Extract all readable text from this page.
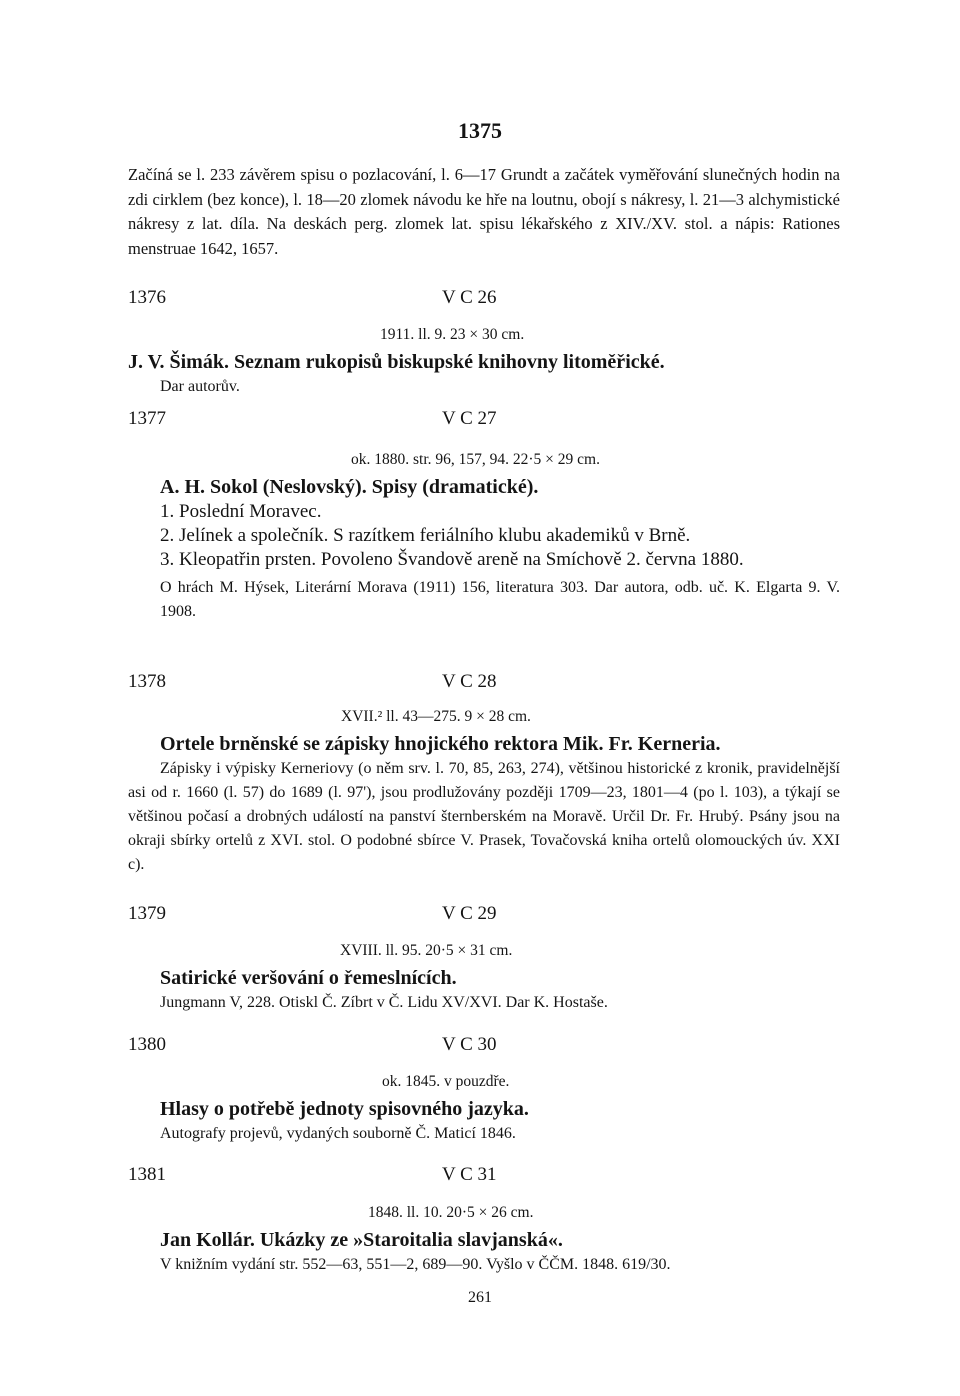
1375
Začíná se l. 233 závěrem spisu o pozlacování, l. 6—17 Grundt a začátek vyměřování slunečných hodin na zdi cirklem (bez konce), l. 18—20 zlomek návodu ke hře na loutnu, obojí s nákresy, l. 21—3 alchymistické nákresy z lat. díla. Na deskách perg. zlomek lat. spisu lékařského z XIV./XV. stol. a nápis: Rationes menstruae 1642, 1657.
1376	V C 26
1911. ll. 9. 23 × 30 cm.
J. V. Šimák. Seznam rukopisů biskupské knihovny litoměřické.
Dar autorův.
1377	V C 27
ok. 1880. str. 96, 157, 94. 22·5 × 29 cm.
A. H. Sokol (Neslovský). Spisy (dramatické).
1. Poslední Moravec.
2. Jelínek a společník. S razítkem feriálního klubu akademiků v Brně.
3. Kleopatřin prsten. Povoleno Švandově areně na Smíchově 2. června 1880.
O hrách M. Hýsek, Literární Morava (1911) 156, literatura 303. Dar autora, odb. uč. K. Elgarta 9. V. 1908.
1378	V C 28
XVII.² ll. 43—275. 9 × 28 cm.
Ortele brněnské se zápisky hnojického rektora Mik. Fr. Kerneria.
Zápisky i výpisky Kerneriovy (o něm srv. l. 70, 85, 263, 274), většinou historické z kronik, pravidelnější asi od r. 1660 (l. 57) do 1689 (l. 97'), jsou prodlužovány později 1709—23, 1801—4 (po l. 103), a týkají se většinou počasí a drobných událostí na panství šternberském na Moravě. Určil Dr. Fr. Hrubý. Psány jsou na okraji sbírky ortelů z XVI. stol. O podobné sbírce V. Prasek, Tovačovská kniha ortelů olomouckých úv. XXI c).
1379	V C 29
XVIII. ll. 95. 20·5 × 31 cm.
Satirické veršování o řemeslnících.
Jungmann V, 228. Otiskl Č. Zíbrt v Č. Lidu XV/XVI. Dar K. Hostaše.
1380	V C 30
ok. 1845. v pouzdře.
Hlasy o potřebě jednoty spisovného jazyka.
Autografy projevů, vydaných souborně Č. Maticí 1846.
1381	V C 31
1848. ll. 10. 20·5 × 26 cm.
Jan Kollár. Ukázky ze »Staroitalia slavjanská«.
V knižním vydání str. 552—63, 551—2, 689—90. Vyšlo v ČČM. 1848. 619/30.
261
